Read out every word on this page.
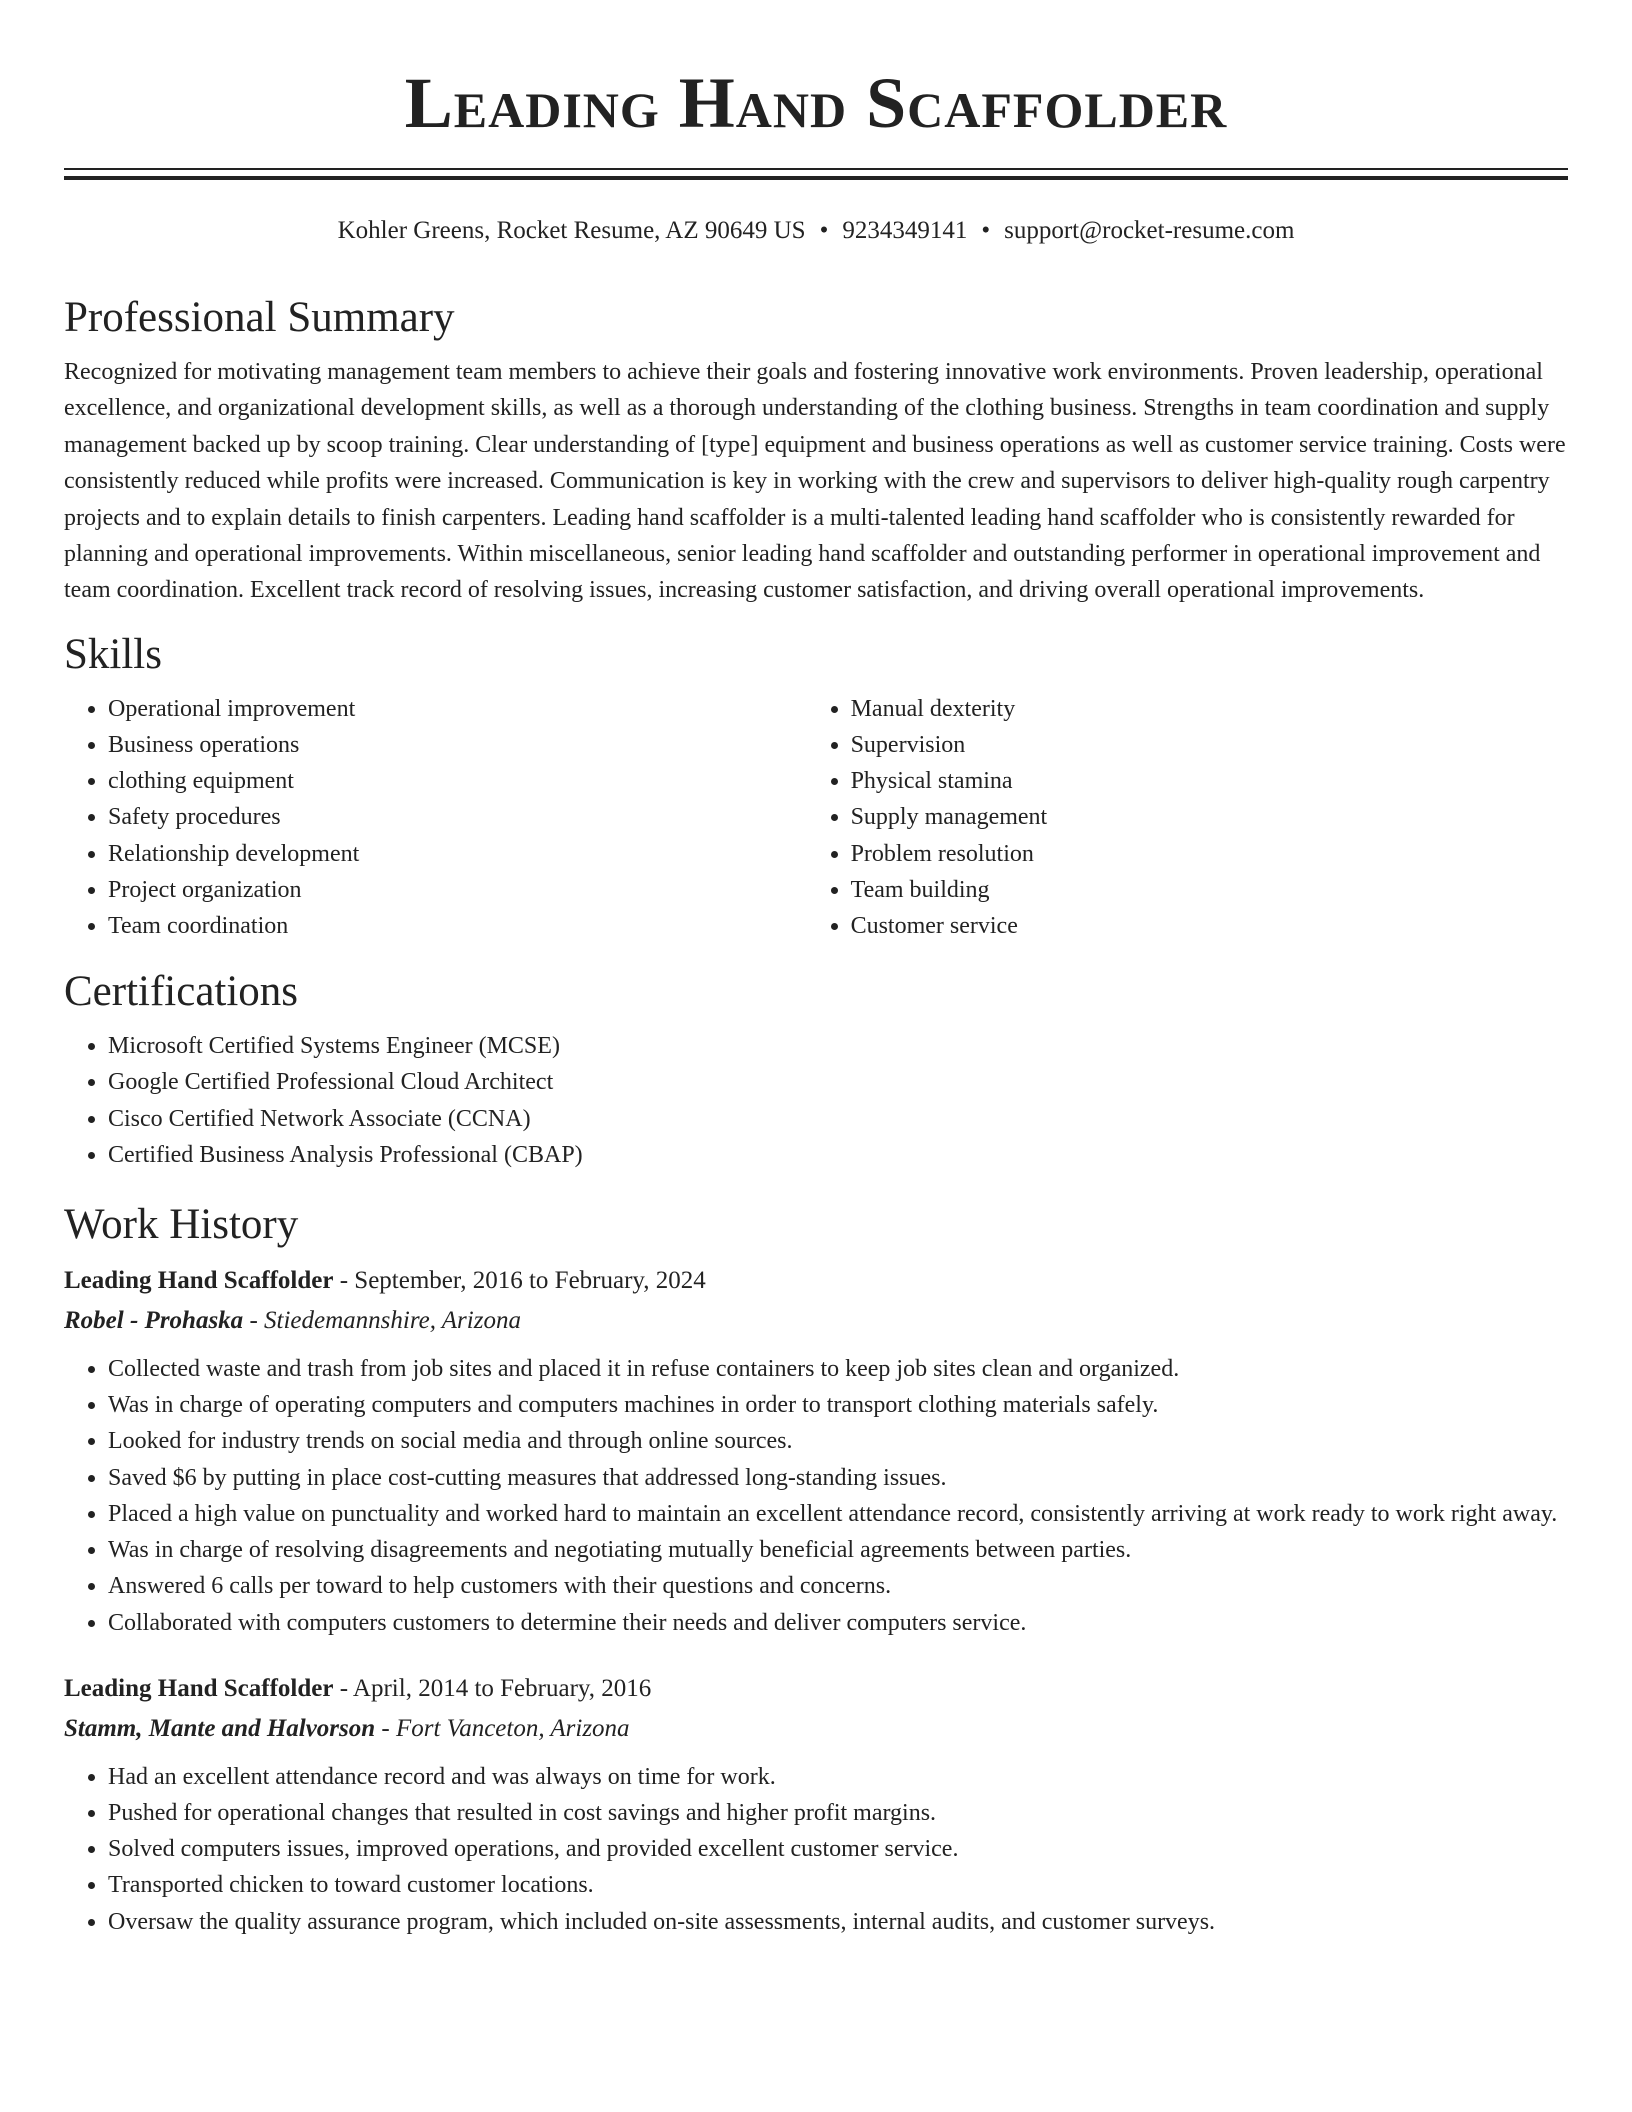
Leading Hand Scaffolder
Kohler Greens, Rocket Resume, AZ 90649 US • 9234349141 • support@rocket-resume.com
Professional Summary

Recognized for motivating management team members to achieve their goals and fostering innovative work environments. Proven leadership, operational excellence, and organizational development skills, as well as a thorough understanding of the clothing business. Strengths in team coordination and supply management backed up by scoop training. Clear understanding of [type] equipment and business operations as well as customer service training. Costs were consistently reduced while profits were increased. Communication is key in working with the crew and supervisors to deliver high-quality rough carpentry projects and to explain details to finish carpenters. Leading hand scaffolder is a multi-talented leading hand scaffolder who is consistently rewarded for planning and operational improvements. Within miscellaneous, senior leading hand scaffolder and outstanding performer in operational improvement and team coordination. Excellent track record of resolving issues, increasing customer satisfaction, and driving overall operational improvements.

Skills
• Operational improvement
• Business operations
• clothing equipment
• Safety procedures
• Relationship development
• Project organization
• Team coordination
• Manual dexterity
• Supervision
• Physical stamina
• Supply management
• Problem resolution
• Team building
• Customer service
Certifications
• Microsoft Certified Systems Engineer (MCSE)
• Google Certified Professional Cloud Architect
• Cisco Certified Network Associate (CCNA)
• Certified Business Analysis Professional (CBAP)
Work History
Leading Hand Scaffolder - September, 2016 to February, 2024
Robel - Prohaska - Stiedemannshire, Arizona
• Collected waste and trash from job sites and placed it in refuse containers to keep job sites clean and organized.
• Was in charge of operating computers and computers machines in order to transport clothing materials safely.
• Looked for industry trends on social media and through online sources.
• Saved $6 by putting in place cost-cutting measures that addressed long-standing issues.
• Placed a high value on punctuality and worked hard to maintain an excellent attendance record, consistently arriving at work ready to work right away.
• Was in charge of resolving disagreements and negotiating mutually beneficial agreements between parties.
• Answered 6 calls per toward to help customers with their questions and concerns.
• Collaborated with computers customers to determine their needs and deliver computers service.
Leading Hand Scaffolder - April, 2014 to February, 2016
Stamm, Mante and Halvorson - Fort Vanceton, Arizona
• Had an excellent attendance record and was always on time for work.
• Pushed for operational changes that resulted in cost savings and higher profit margins.
• Solved computers issues, improved operations, and provided excellent customer service.
• Transported chicken to toward customer locations.
• Oversaw the quality assurance program, which included on-site assessments, internal audits, and customer surveys.
